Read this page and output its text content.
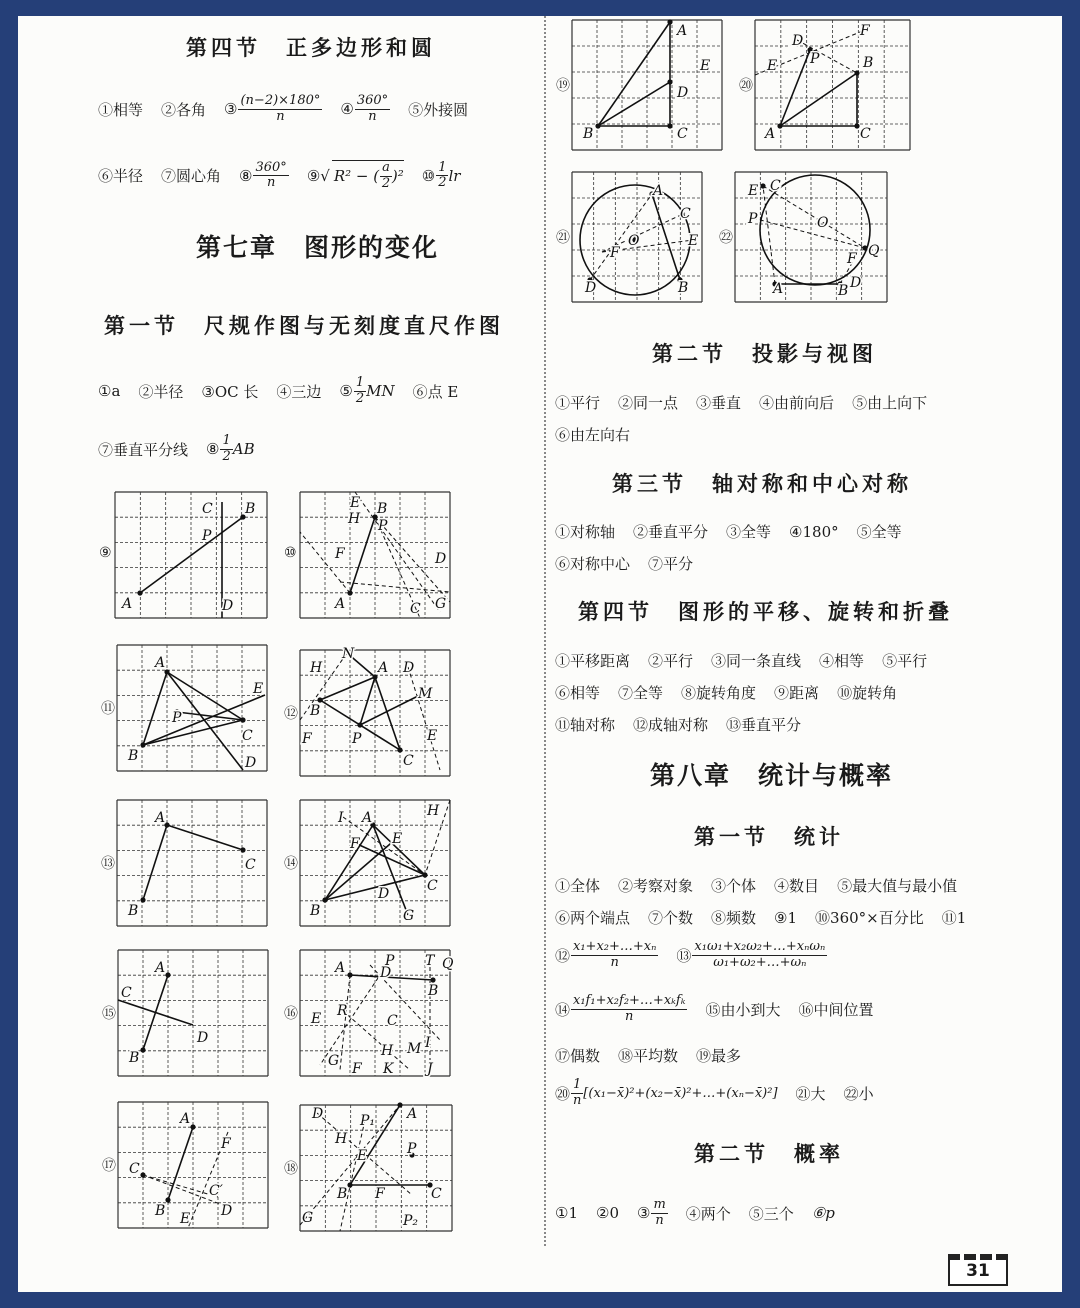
第四节　正多边形和圆
①相等 ②各角 ③ $\frac{(n-2)\times 180^\circ}{n}$ ④ $\frac{360^\circ}{n}$ ⑤外接圆
⑥半径 ⑦圆心角 ⑧ $\frac{360^\circ}{n}$ ⑨ √ R² − ( $\frac{a}{2} )^2$ ⑩ $\frac{1}{2}$ lr
第七章　图形的变化
第一节　尺规作图与无刻度直尺作图
①a ②半径 ③OC 长 ④三边 ⑤ $\frac{1}{2}$ MN ⑥点 E
⑦垂直平分线 ⑧ $\frac{1}{2}$ AB
⑨
A
B
C
P
D
⑩
E B
H P
F	D
A	C G
⑪
A
B
C
E
P
D
⑫
H
N
A D
M
B
F	P	E
C
⑬
A
C
B
⑭
I A	H
F E
D	C
B	G
⑮
A
C
D
B
⑯
A	P T Q
D
B
R
E	C
H M I
G F K J
⑰
A
F
C
C′
B E D
⑱
D	P₁ A
H
E	P
B F	C
G	P₂
⑲
A
E
D
B	C
⑳
D
F
E P	B
A	C
㉑
A
C
O	E
F
D	B
㉒
E C
P	O
Q
F
D
A	B
第二节　投影与视图
①平行 ②同一点 ③垂直 ④由前向后 ⑤由上向下
⑥由左向右
第三节　轴对称和中心对称
①对称轴 ②垂直平分 ③全等 ④180° ⑤全等
⑥对称中心 ⑦平分
第四节　图形的平移、旋转和折叠
①平移距离 ②平行 ③同一条直线 ④相等 ⑤平行
⑥相等 ⑦全等 ⑧旋转角度 ⑨距离 ⑩旋转角
⑪轴对称 ⑫成轴对称 ⑬垂直平分
第八章　统计与概率
第一节　统计
①全体 ②考察对象 ③个体 ④数目 ⑤最大值与最小值
⑥两个端点 ⑦个数 ⑧频数 ⑨1 ⑩360°×百分比 ⑪1
⑫ $\frac{\text{x₁+x₂+…+xₙ}}{n}$ ⑬ $\frac{\text{x₁ω₁+x₂ω₂+…+xₙωₙ}}{\text{ω₁+ω₂+…+ωₙ}}$
⑭ $\frac{\text{x₁f₁+x₂f₂+…+xₖfₖ}}{n}$ ⑮由小到大 ⑯中间位置
⑰偶数 ⑱平均数 ⑲最多
⑳ $\frac{1}{n}$ [(x₁−x̄)²+(x₂−x̄)²+…+(xₙ−x̄)²] ㉑大 ㉒小
第二节　概率
①1 ②0 ③ $\frac{m}{n}$ ④两个 ⑤三个 ⑥p
31
